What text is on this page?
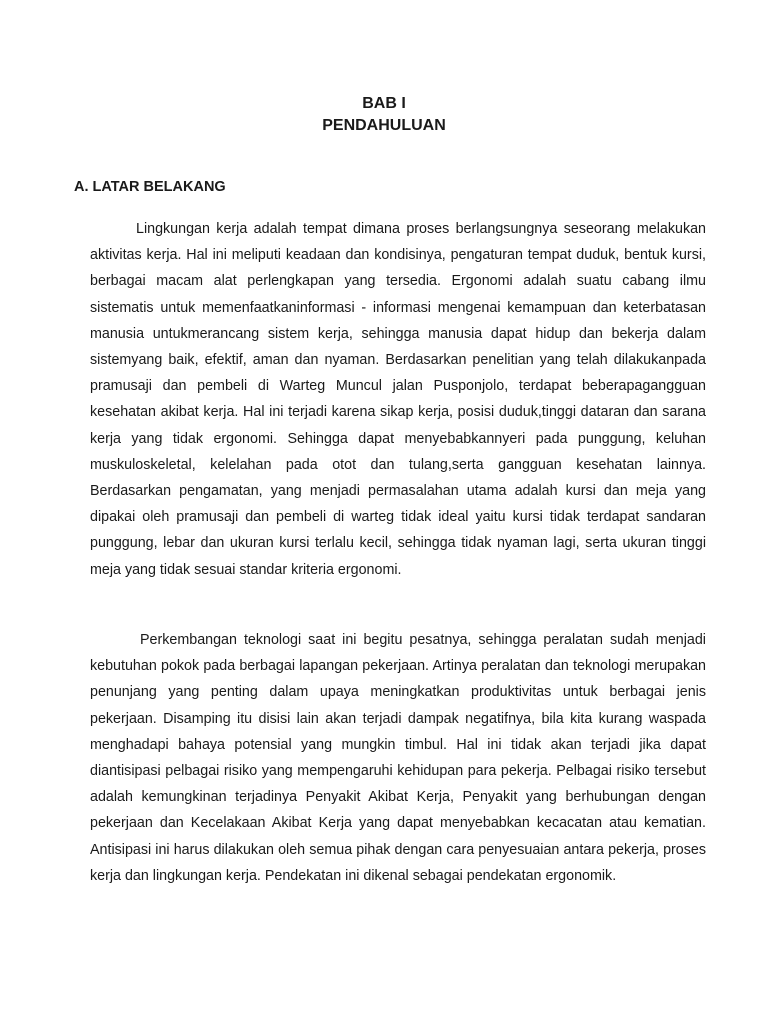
BAB I
PENDAHULUAN
A. LATAR BELAKANG

Lingkungan kerja adalah tempat dimana proses berlangsungnya seseorang melakukan aktivitas kerja. Hal ini meliputi keadaan dan kondisinya, pengaturan tempat duduk, bentuk kursi, berbagai macam alat perlengkapan yang tersedia. Ergonomi adalah suatu cabang ilmu sistematis untuk memenfaatkaninformasi - informasi mengenai kemampuan dan keterbatasan manusia untukmerancang sistem kerja, sehingga manusia dapat hidup dan bekerja dalam sistemyang baik, efektif, aman dan nyaman. Berdasarkan penelitian yang telah dilakukanpada pramusaji dan pembeli di Warteg Muncul jalan Pusponjolo, terdapat beberapagangguan kesehatan akibat kerja. Hal ini terjadi karena sikap kerja, posisi duduk,tinggi dataran dan sarana kerja yang tidak ergonomi. Sehingga dapat menyebabkannyeri pada punggung, keluhan muskuloskeletal, kelelahan pada otot dan tulang,serta gangguan kesehatan lainnya. Berdasarkan pengamatan, yang menjadi permasalahan utama adalah kursi dan meja yang dipakai oleh pramusaji dan pembeli di warteg tidak ideal yaitu kursi tidak terdapat sandaran punggung, lebar dan ukuran kursi terlalu kecil, sehingga tidak nyaman lagi, serta ukuran tinggi meja yang tidak sesuai standar kriteria ergonomi.

Perkembangan teknologi saat ini begitu pesatnya, sehingga peralatan sudah menjadi kebutuhan pokok pada berbagai lapangan pekerjaan. Artinya peralatan dan teknologi merupakan penunjang yang penting dalam upaya meningkatkan produktivitas untuk berbagai jenis pekerjaan. Disamping itu disisi lain akan terjadi dampak negatifnya, bila kita kurang waspada menghadapi bahaya potensial yang mungkin timbul. Hal ini tidak akan terjadi jika dapat diantisipasi pelbagai risiko yang mempengaruhi kehidupan para pekerja. Pelbagai risiko tersebut adalah kemungkinan terjadinya Penyakit Akibat Kerja, Penyakit yang berhubungan dengan pekerjaan dan Kecelakaan Akibat Kerja yang dapat menyebabkan kecacatan atau kematian. Antisipasi ini harus dilakukan oleh semua pihak dengan cara penyesuaian antara pekerja, proses kerja dan lingkungan kerja. Pendekatan ini dikenal sebagai pendekatan ergonomik.
